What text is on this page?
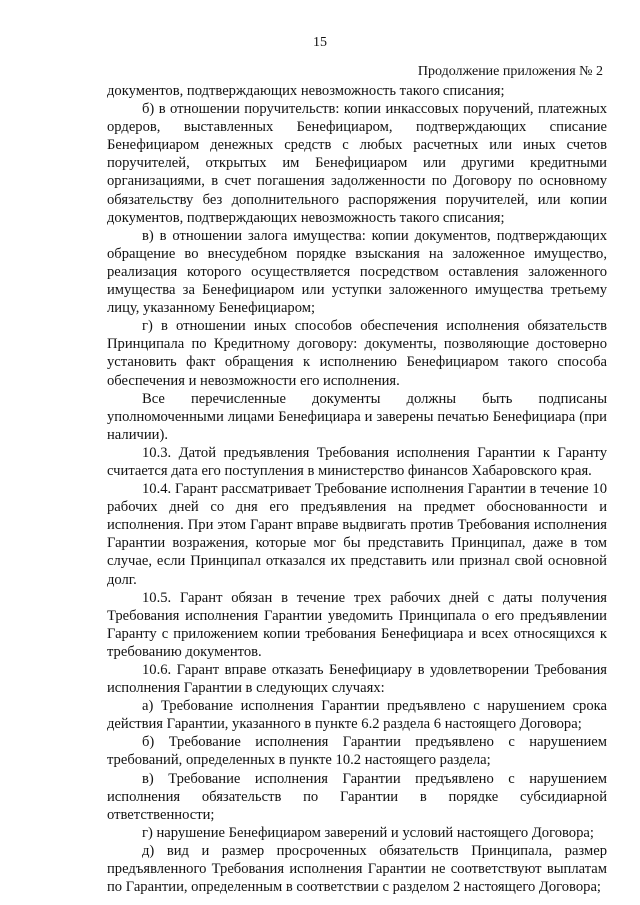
15
Продолжение приложения № 2

документов, подтверждающих невозможность такого списания;

б) в отношении поручительств: копии инкассовых поручений, платежных ордеров, выставленных Бенефициаром, подтверждающих списание Бенефициаром денежных средств с любых расчетных или иных счетов поручителей, открытых им Бенефициаром или другими кредитными организациями, в счет погашения задолженности по Договору по основному обязательству без дополнительного распоряжения поручителей, или копии документов, подтверждающих невозможность такого списания;

в) в отношении залога имущества: копии документов, подтверждающих обращение во внесудебном порядке взыскания на заложенное имущество, реализация которого осуществляется посредством оставления заложенного имущества за Бенефициаром или уступки заложенного имущества третьему лицу, указанному Бенефициаром;

г) в отношении иных способов обеспечения исполнения обязательств Принципала по Кредитному договору: документы, позволяющие достоверно установить факт обращения к исполнению Бенефициаром такого способа обеспечения и невозможности его исполнения.

Все перечисленные документы должны быть подписаны уполномоченными лицами Бенефициара и заверены печатью Бенефициара (при наличии).

10.3. Датой предъявления Требования исполнения Гарантии к Гаранту считается дата его поступления в министерство финансов Хабаровского края.

10.4. Гарант рассматривает Требование исполнения Гарантии в течение 10 рабочих дней со дня его предъявления на предмет обоснованности и исполнения. При этом Гарант вправе выдвигать против Требования исполнения Гарантии возражения, которые мог бы представить Принципал, даже в том случае, если Принципал отказался их представить или признал свой основной долг.

10.5. Гарант обязан в течение трех рабочих дней с даты получения Требования исполнения Гарантии уведомить Принципала о его предъявлении Гаранту с приложением копии требования Бенефициара и всех относящихся к требованию документов.

10.6. Гарант вправе отказать Бенефициару в удовлетворении Требования исполнения Гарантии в следующих случаях:

а) Требование исполнения Гарантии предъявлено с нарушением срока действия Гарантии, указанного в пункте 6.2 раздела 6 настоящего Договора;

б) Требование исполнения Гарантии предъявлено с нарушением требований, определенных в пункте 10.2 настоящего раздела;

в) Требование исполнения Гарантии предъявлено с нарушением исполнения обязательств по Гарантии в порядке субсидиарной ответственности;

г) нарушение Бенефициаром заверений и условий настоящего Договора;

д) вид и размер просроченных обязательств Принципала, размер предъявленного Требования исполнения Гарантии не соответствуют выплатам по Гарантии, определенным в соответствии с разделом 2 настоящего Договора;
